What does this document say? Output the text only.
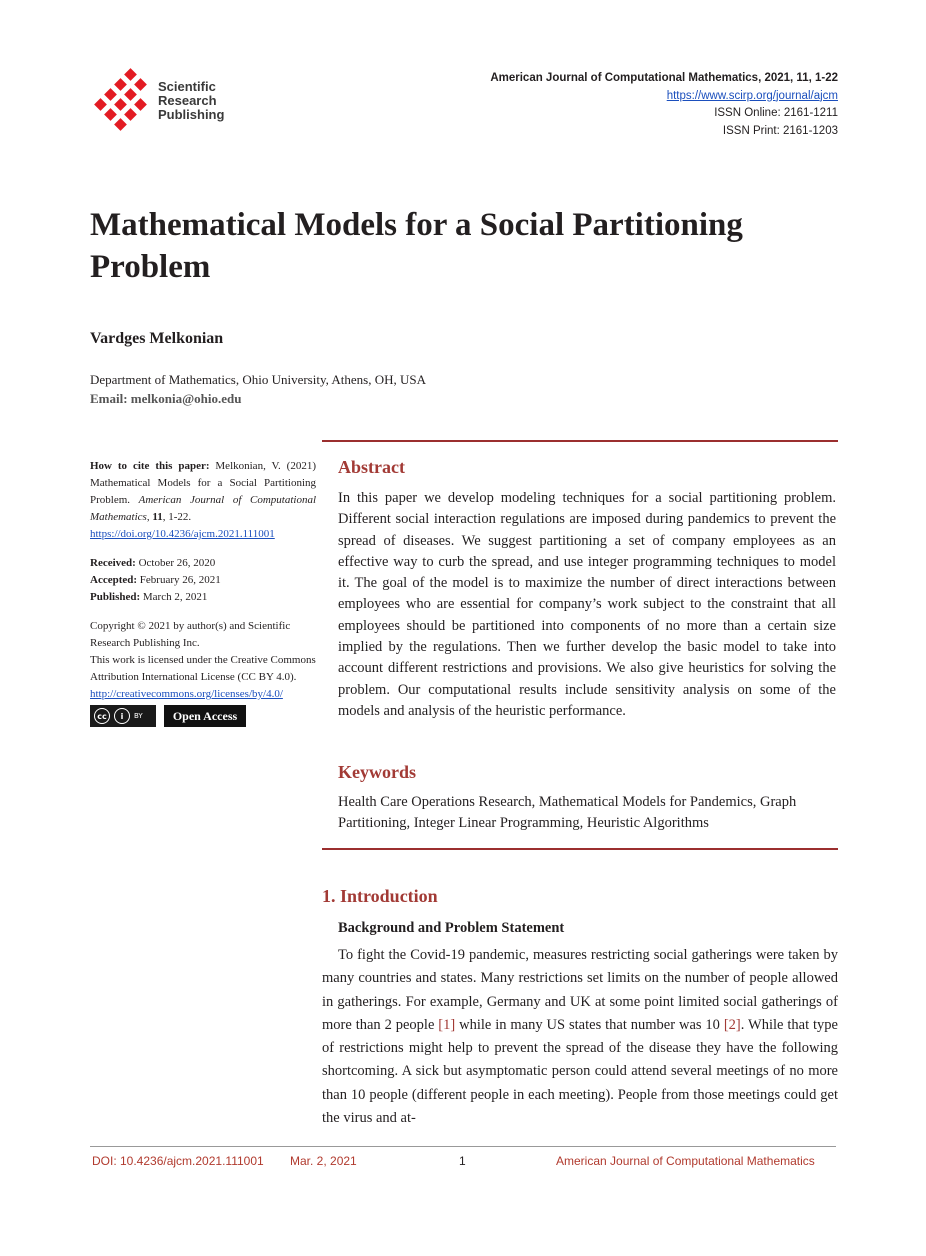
Scientific
Research
Publishing
American Journal of Computational Mathematics, 2021, 11, 1-22
https://www.scirp.org/journal/ajcm
ISSN Online: 2161-1211
ISSN Print: 2161-1203
Mathematical Models for a Social Partitioning Problem
Vardges Melkonian
Department of Mathematics, Ohio University, Athens, OH, USA
Email: melkonia@ohio.edu

How to cite this paper: Melkonian, V. (2021) Mathematical Models for a Social Partitioning Problem. American Journal of Computational Mathematics, 11, 1-22.
https://doi.org/10.4236/ajcm.2021.111001

Received: October 26, 2020
Accepted: February 26, 2021
Published: March 2, 2021

Copyright © 2021 by author(s) and Scientific Research Publishing Inc.
This work is licensed under the Creative Commons Attribution International License (CC BY 4.0).
http://creativecommons.org/licenses/by/4.0/

cc	i	BY	Open Access
Abstract
In this paper we develop modeling techniques for a social partitioning problem. Different social interaction regulations are imposed during pandemics to prevent the spread of diseases. We suggest partitioning a set of company employees as an effective way to curb the spread, and use integer programming techniques to model it. The goal of the model is to maximize the number of direct interactions between employees who are essential for company’s work subject to the constraint that all employees should be partitioned into components of no more than a certain size implied by the regulations. Then we further develop the basic model to take into account different restrictions and provisions. We also give heuristics for solving the problem. Our computational results include sensitivity analysis on some of the models and analysis of the heuristic performance.
Keywords
Health Care Operations Research, Mathematical Models for Pandemics, Graph Partitioning, Integer Linear Programming, Heuristic Algorithms
1. Introduction
Background and Problem Statement
To fight the Covid-19 pandemic, measures restricting social gatherings were taken by many countries and states. Many restrictions set limits on the number of people allowed in gatherings. For example, Germany and UK at some point limited social gatherings of more than 2 people [1] while in many US states that number was 10 [2]. While that type of restrictions might help to prevent the spread of the disease they have the following shortcoming. A sick but asymptomatic person could attend several meetings of no more than 10 people (different people in each meeting). People from those meetings could get the virus and at-
DOI: 10.4236/ajcm.2021.111001 Mar. 2, 2021	1	American Journal of Computational Mathematics
